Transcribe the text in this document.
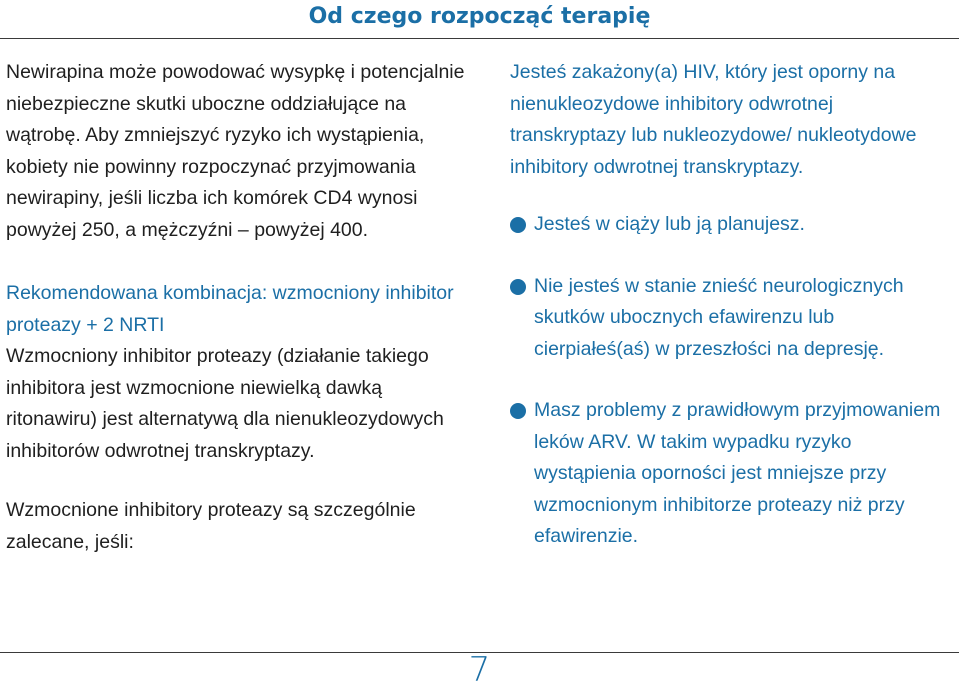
Od czego rozpocząć terapię

Newirapina może powodować wysypkę i potencjalnie niebezpieczne skutki uboczne oddziałujące na wątrobę. Aby zmniejszyć ryzyko ich wystąpienia, kobiety nie powinny rozpoczynać przyjmowania newirapiny, jeśli liczba ich komórek CD4 wynosi powyżej 250, a mężczyźni – powyżej 400.

Rekomendowana kombinacja: wzmocniony inhibitor proteazy + 2 NRTI
Wzmocniony inhibitor proteazy (działanie takiego inhibitora jest wzmocnione niewielką dawką ritonawiru) jest alternatywą dla nienukleozydowych inhibitorów odwrotnej transkryptazy.

Wzmocnione inhibitory proteazy są szczególnie zalecane, jeśli:

Jesteś zakażony(a) HIV, który jest oporny na nienukleozydowe inhibitory odwrotnej transkryptazy lub nukleozydowe/ nukleotydowe inhibitory odwrotnej transkryptazy.

Jesteś w ciąży lub ją planujesz.
Nie jesteś w stanie znieść neurologicznych skutków ubocznych efawirenzu lub cierpiałeś(aś) w przeszłości na depresję.
Masz problemy z prawidłowym przyjmowaniem leków ARV. W takim wypadku ryzyko wystąpienia oporności jest mniejsze przy wzmocnionym inhibitorze proteazy niż przy efawirenzie.
7
